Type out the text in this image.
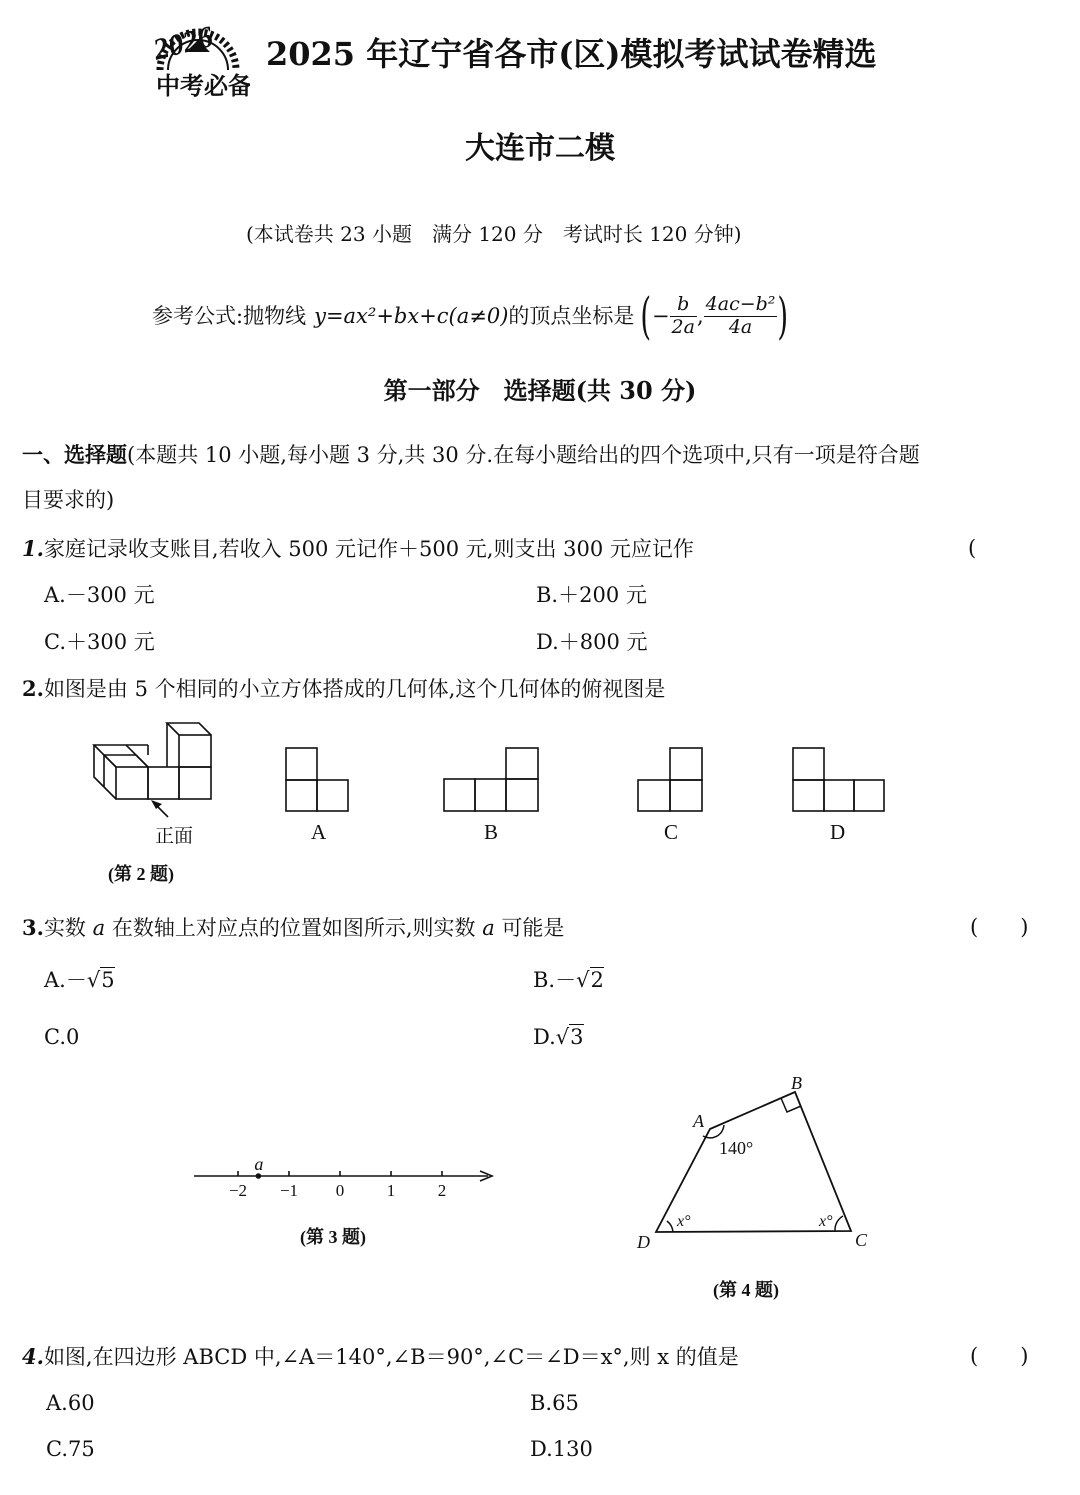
2026
中考必备
2025 年辽宁省各市(区)模拟考试试卷精选
大连市二模
(本试卷共 23 小题　满分 120 分　考试时长 120 分钟)
参考公式:抛物线 y=ax²+bx+c(a≠0) 的顶点坐标是 ( − $\frac{b}{2a}$ , $\frac{\text{4ac−b²}}{4a}$ )
第一部分　选择题(共 30 分)
一、选择题(本题共 10 小题,每小题 3 分,共 30 分.在每小题给出的四个选项中,只有一项是符合题
目要求的)
1.家庭记录收支账目,若收入 500 元记作＋500 元,则支出 300 元应记作	(
A.－300 元	B.＋200 元
C.＋300 元	D.＋800 元
2.如图是由 5 个相同的小立方体搭成的几何体,这个几何体的俯视图是
正面
(第 2 题)
A	B	C	D
3.实数 a 在数轴上对应点的位置如图所示,则实数 a 可能是	(　　)
A.－√5	B.－√2
C.0	D.√3
−2 −1 0	1	2
a
(第 3 题)
A
B
C
D
140°
x°	x°
(第 4 题)
4.如图,在四边形 ABCD 中,∠A＝140°,∠B＝90°,∠C＝∠D＝x°,则 x 的值是	(　　)
A.60	B.65
C.75	D.130
